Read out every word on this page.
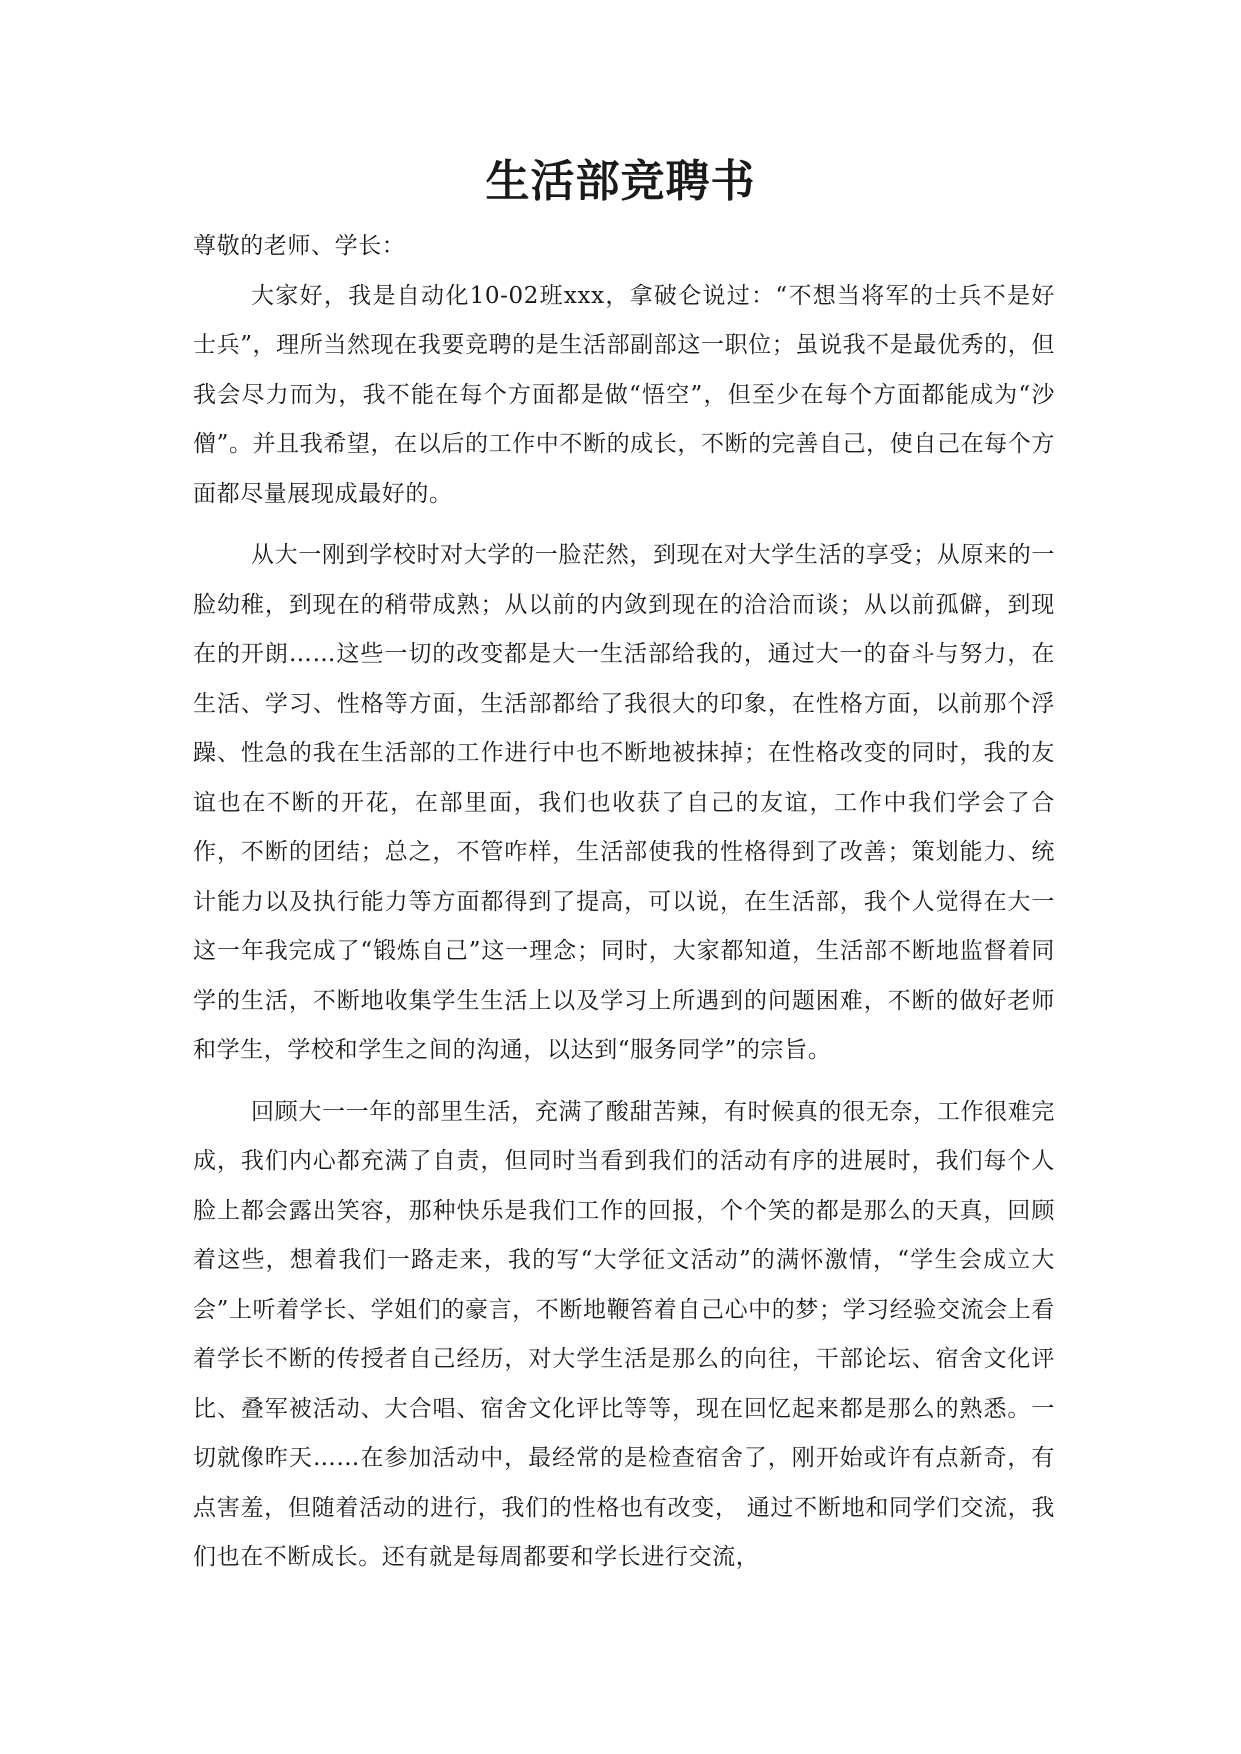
生活部竞聘书

尊敬的老师、学长：

大家好，我是自动化10-02班xxx，拿破仑说过：“不想当将军的士兵不是好士兵”，理所当然现在我要竞聘的是生活部副部这一职位；虽说我不是最优秀的，但我会尽力而为，我不能在每个方面都是做“悟空”，但至少在每个方面都能成为“沙僧”。并且我希望，在以后的工作中不断的成长，不断的完善自己，使自己在每个方面都尽量展现成最好的。

从大一刚到学校时对大学的一脸茫然，到现在对大学生活的享受；从原来的一脸幼稚，到现在的稍带成熟；从以前的内敛到现在的洽洽而谈；从以前孤僻，到现在的开朗……这些一切的改变都是大一生活部给我的，通过大一的奋斗与努力，在生活、学习、性格等方面，生活部都给了我很大的印象，在性格方面，以前那个浮躁、性急的我在生活部的工作进行中也不断地被抹掉；在性格改变的同时，我的友谊也在不断的开花，在部里面，我们也收获了自己的友谊，工作中我们学会了合作，不断的团结；总之，不管咋样，生活部使我的性格得到了改善；策划能力、统计能力以及执行能力等方面都得到了提高，可以说，在生活部，我个人觉得在大一这一年我完成了“锻炼自己”这一理念；同时，大家都知道，生活部不断地监督着同学的生活，不断地收集学生生活上以及学习上所遇到的问题困难，不断的做好老师和学生，学校和学生之间的沟通，以达到“服务同学”的宗旨。

回顾大一一年的部里生活，充满了酸甜苦辣，有时候真的很无奈，工作很难完成，我们内心都充满了自责，但同时当看到我们的活动有序的进展时，我们每个人脸上都会露出笑容，那种快乐是我们工作的回报，个个笑的都是那么的天真，回顾着这些，想着我们一路走来，我的写“大学征文活动”的满怀激情，“学生会成立大会”上听着学长、学姐们的豪言，不断地鞭笞着自己心中的梦；学习经验交流会上看着学长不断的传授者自己经历，对大学生活是那么的向往，干部论坛、宿舍文化评比、叠军被活动、大合唱、宿舍文化评比等等，现在回忆起来都是那么的熟悉。一切就像昨天……在参加活动中，最经常的是检查宿舍了，刚开始或许有点新奇，有点害羞，但随着活动的进行，我们的性格也有改变， 通过不断地和同学们交流，我们也在不断成长。还有就是每周都要和学长进行交流，
